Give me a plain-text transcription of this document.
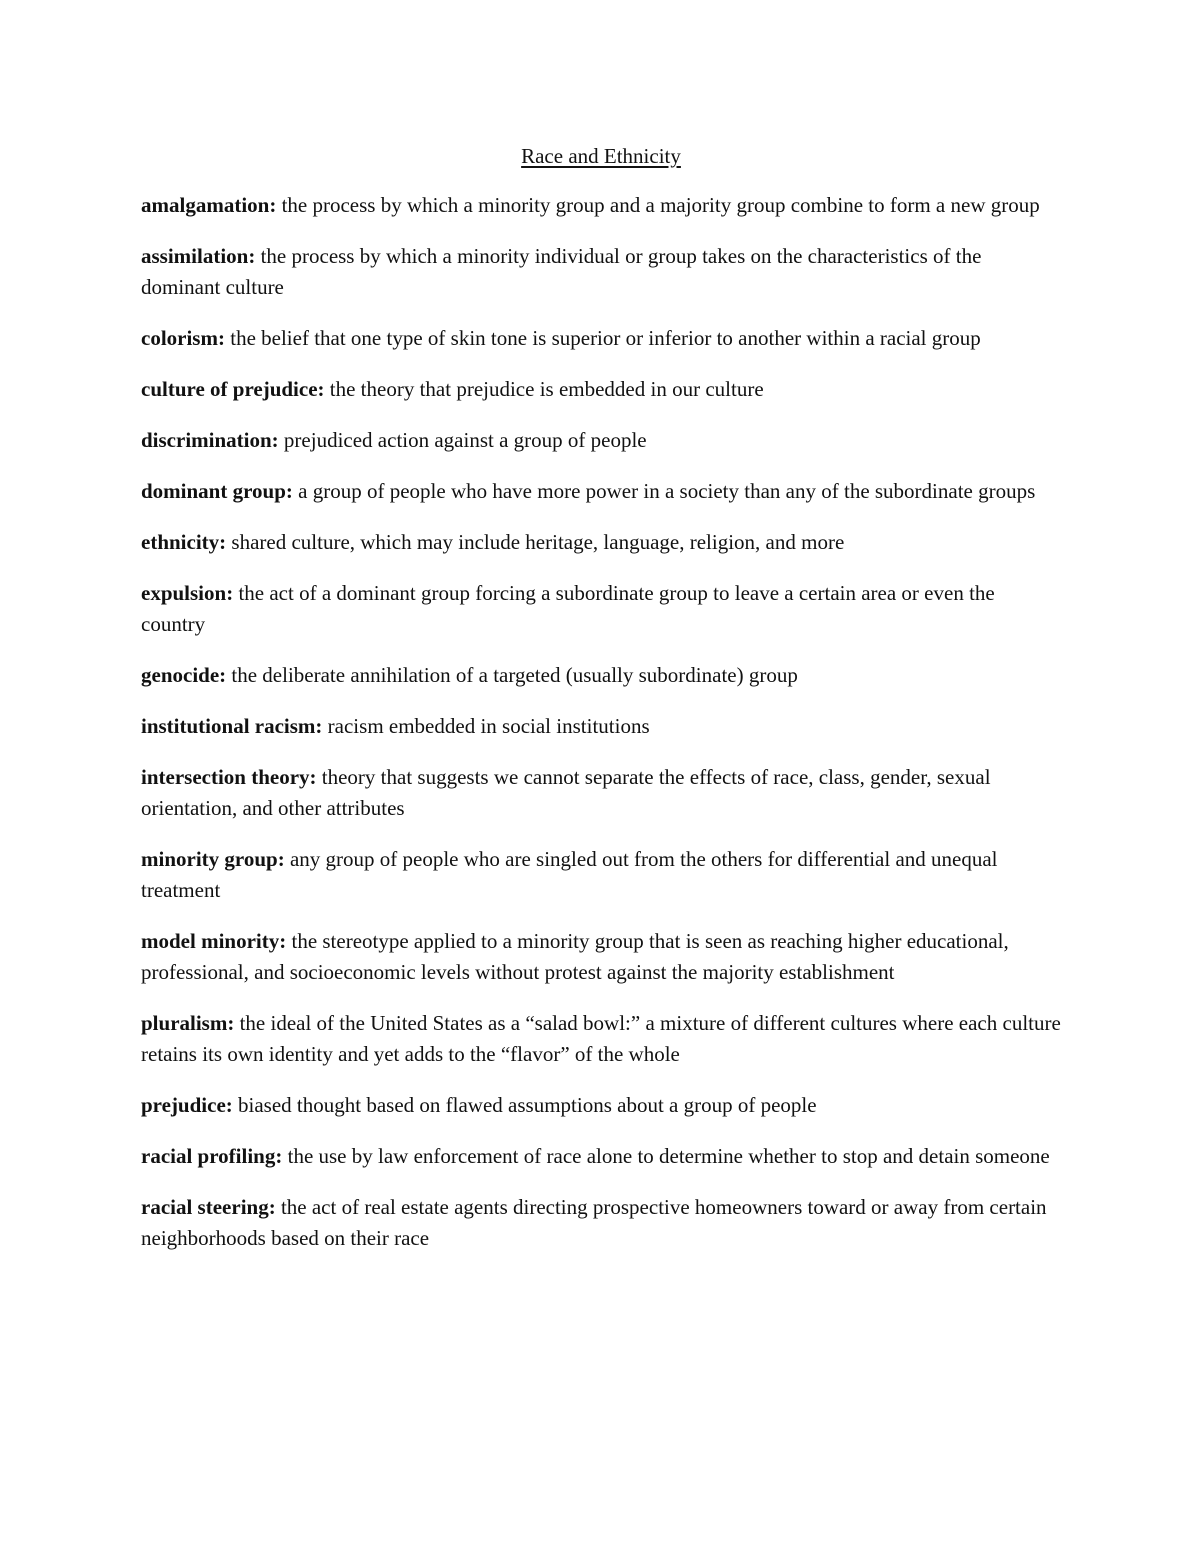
Race and Ethnicity

amalgamation: the process by which a minority group and a majority group combine to form a new group

assimilation: the process by which a minority individual or group takes on the characteristics of the dominant culture

colorism: the belief that one type of skin tone is superior or inferior to another within a racial group

culture of prejudice: the theory that prejudice is embedded in our culture

discrimination: prejudiced action against a group of people

dominant group: a group of people who have more power in a society than any of the subordinate groups

ethnicity: shared culture, which may include heritage, language, religion, and more

expulsion: the act of a dominant group forcing a subordinate group to leave a certain area or even the country

genocide: the deliberate annihilation of a targeted (usually subordinate) group

institutional racism: racism embedded in social institutions

intersection theory: theory that suggests we cannot separate the effects of race, class, gender, sexual orientation, and other attributes

minority group: any group of people who are singled out from the others for differential and unequal treatment

model minority: the stereotype applied to a minority group that is seen as reaching higher educational, professional, and socioeconomic levels without protest against the majority establishment

pluralism: the ideal of the United States as a “salad bowl:” a mixture of different cultures where each culture retains its own identity and yet adds to the “flavor” of the whole

prejudice: biased thought based on flawed assumptions about a group of people

racial profiling: the use by law enforcement of race alone to determine whether to stop and detain someone

racial steering: the act of real estate agents directing prospective homeowners toward or away from certain neighborhoods based on their race
